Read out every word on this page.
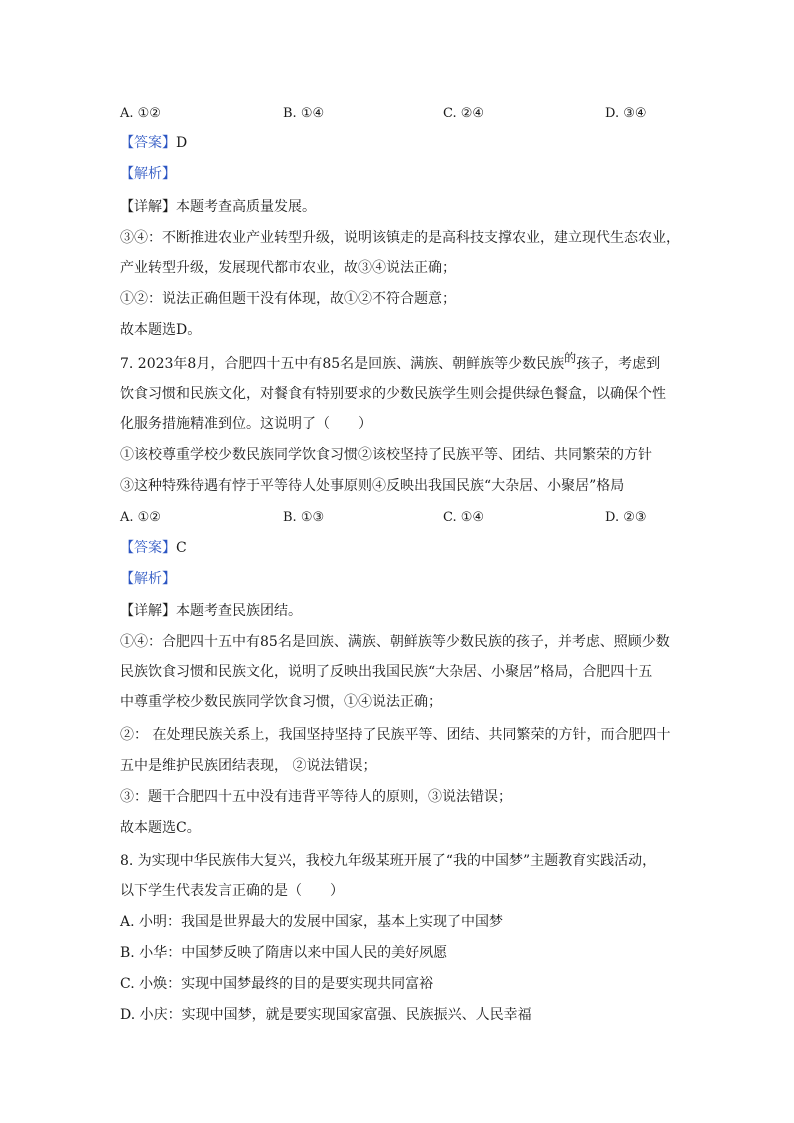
A. ①②	B. ①④	C. ②④	D. ③④
【答案】D
【解析】
【详解】本题考查高质量发展。
③④：不断推进农业产业转型升级，说明该镇走的是高科技支撑农业，建立现代生态农业，
产业转型升级，发展现代都市农业，故③④说法正确；
①②：说法正确但题干没有体现，故①②不符合题意；
故本题选D。
7. 2023年8月，合肥四十五中有85名是回族、满族、朝鲜族等少数民族的孩子，考虑到
饮食习惯和民族文化，对餐食有特别要求的少数民族学生则会提供绿色餐盒，以确保个性
化服务措施精准到位。这说明了（　　）
①该校尊重学校少数民族同学饮食习惯②该校坚持了民族平等、团结、共同繁荣的方针
③这种特殊待遇有悖于平等待人处事原则④反映出我国民族“大杂居、小聚居”格局
A. ①②	B. ①③	C. ①④	D. ②③
【答案】C
【解析】
【详解】本题考查民族团结。
①④：合肥四十五中有85名是回族、满族、朝鲜族等少数民族的孩子，并考虑、照顾少数
民族饮食习惯和民族文化，说明了反映出我国民族“大杂居、小聚居”格局，合肥四十五
中尊重学校少数民族同学饮食习惯，①④说法正确；
②： 在处理民族关系上，我国坚持坚持了民族平等、团结、共同繁荣的方针，而合肥四十
五中是维护民族团结表现， ②说法错误；
③：题干合肥四十五中没有违背平等待人的原则，③说法错误；
故本题选C。
8. 为实现中华民族伟大复兴，我校九年级某班开展了“我的中国梦”主题教育实践活动，
以下学生代表发言正确的是（　　）
A. 小明：我国是世界最大的发展中国家，基本上实现了中国梦
B. 小华：中国梦反映了隋唐以来中国人民的美好夙愿
C. 小焕：实现中国梦最终的目的是要实现共同富裕
D. 小庆：实现中国梦，就是要实现国家富强、民族振兴、人民幸福
